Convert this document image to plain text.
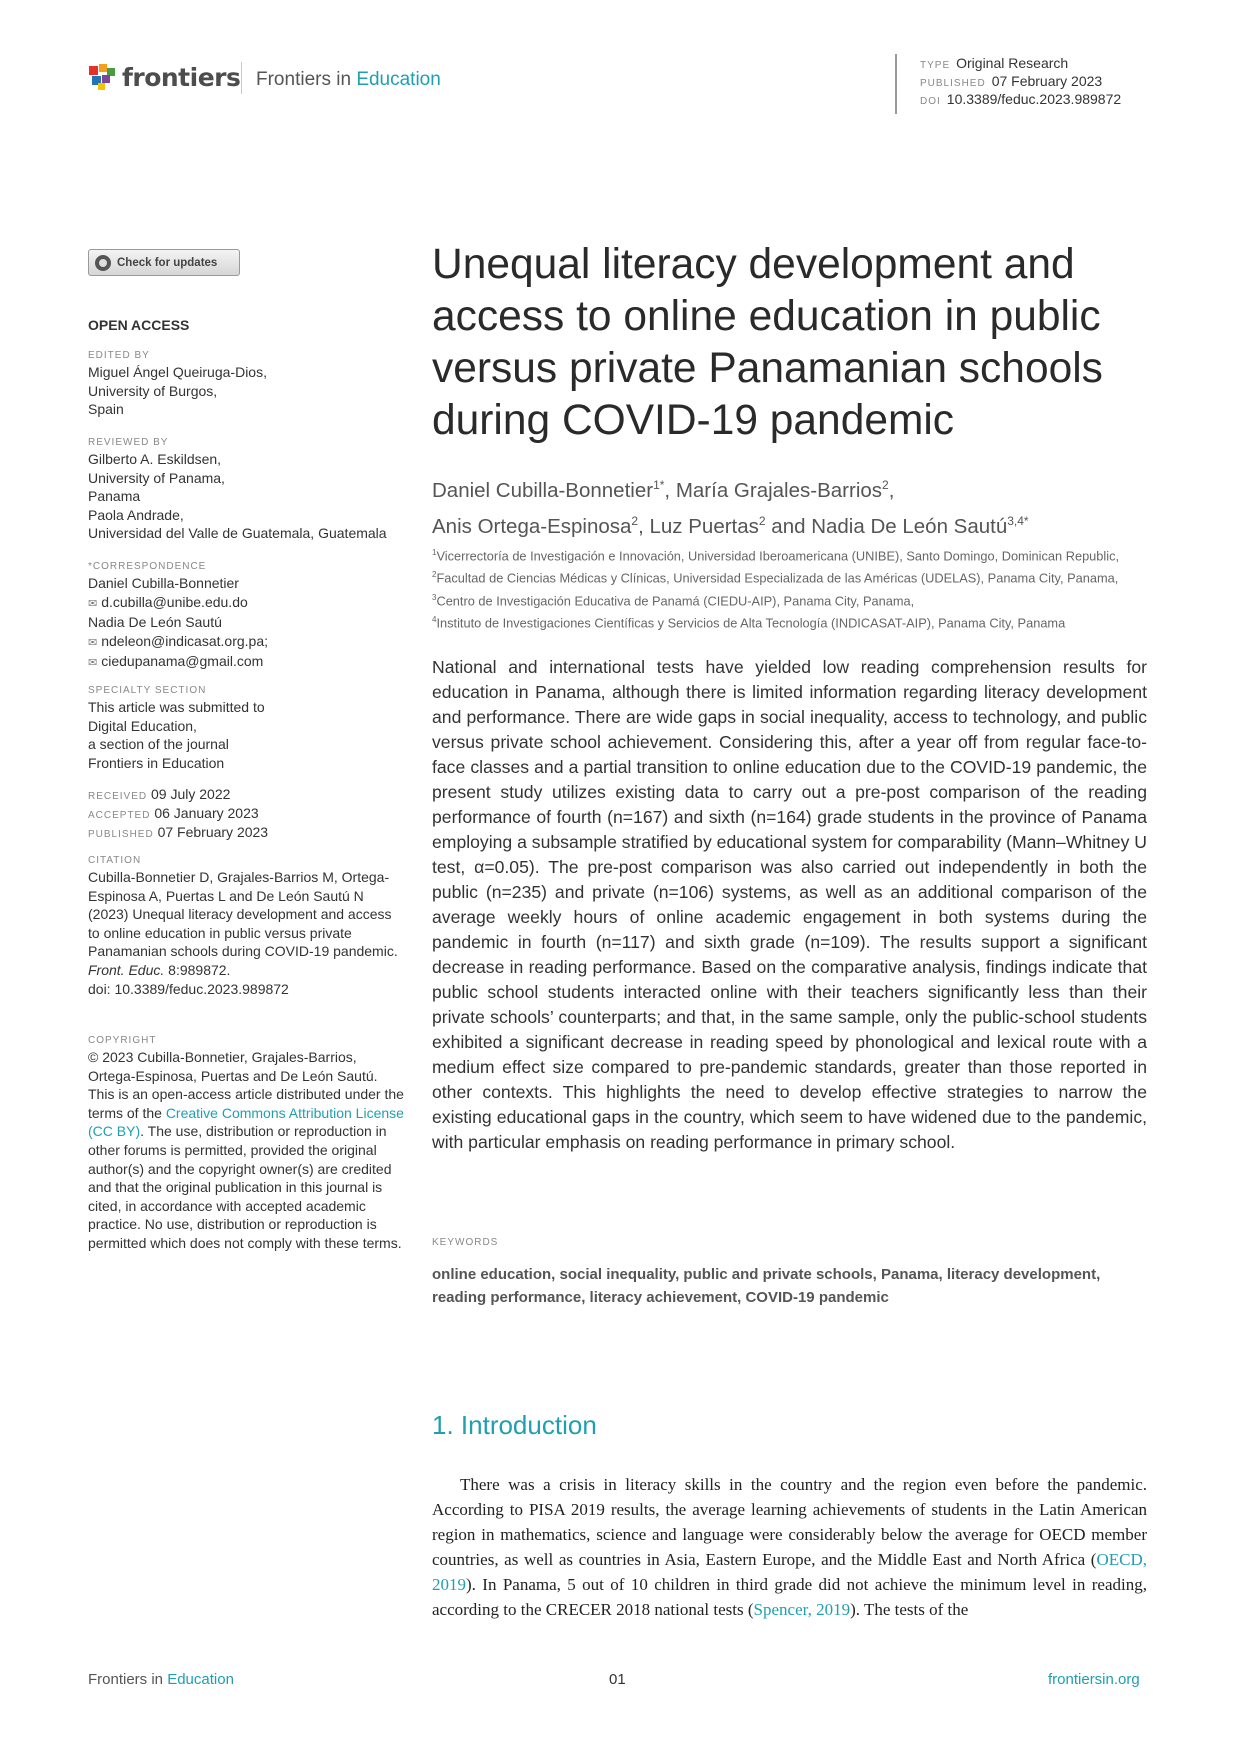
frontiers Frontiers in Education
TYPE Original Research
PUBLISHED 07 February 2023
DOI 10.3389/feduc.2023.989872
Check for updates
OPEN ACCESS
EDITED BY
Miguel Ángel Queiruga-Dios,
University of Burgos,
Spain
REVIEWED BY
Gilberto A. Eskildsen,
University of Panama,
Panama
Paola Andrade,
Universidad del Valle de Guatemala, Guatemala
*CORRESPONDENCE
Daniel Cubilla-Bonnetier
✉ d.cubilla@unibe.edu.do
Nadia De León Sautú
✉ ndeleon@indicasat.org.pa;
✉ ciedupanama@gmail.com
SPECIALTY SECTION
This article was submitted to
Digital Education,
a section of the journal
Frontiers in Education
RECEIVED 09 July 2022
ACCEPTED 06 January 2023
PUBLISHED 07 February 2023
CITATION
Cubilla-Bonnetier D, Grajales-Barrios M, Ortega-Espinosa A, Puertas L and De León Sautú N (2023) Unequal literacy development and access to online education in public versus private Panamanian schools during COVID-19 pandemic.
Front. Educ. 8:989872.
doi: 10.3389/feduc.2023.989872
COPYRIGHT
© 2023 Cubilla-Bonnetier, Grajales-Barrios, Ortega-Espinosa, Puertas and De León Sautú. This is an open-access article distributed under the terms of the Creative Commons Attribution License (CC BY). The use, distribution or reproduction in other forums is permitted, provided the original author(s) and the copyright owner(s) are credited and that the original publication in this journal is cited, in accordance with accepted academic practice. No use, distribution or reproduction is permitted which does not comply with these terms.
Unequal literacy development and access to online education in public versus private Panamanian schools during COVID-19 pandemic
Daniel Cubilla-Bonnetier$^{1*}$, María Grajales-Barrios$^2$,
Anis Ortega-Espinosa$^2$, Luz Puertas$^2$ and Nadia De León Sautú$^{3,4*}$
$^1$Vicerrectoría de Investigación e Innovación, Universidad Iberoamericana (UNIBE), Santo Domingo, Dominican Republic, $^2$Facultad de Ciencias Médicas y Clínicas, Universidad Especializada de las Américas (UDELAS), Panama City, Panama, $^3$Centro de Investigación Educativa de Panamá (CIEDU-AIP), Panama City, Panama,
$^4$Instituto de Investigaciones Científicas y Servicios de Alta Tecnología (INDICASAT-AIP), Panama City, Panama
National and international tests have yielded low reading comprehension results for education in Panama, although there is limited information regarding literacy development and performance. There are wide gaps in social inequality, access to technology, and public versus private school achievement. Considering this, after a year off from regular face-to-face classes and a partial transition to online education due to the COVID-19 pandemic, the present study utilizes existing data to carry out a pre-post comparison of the reading performance of fourth (n=167) and sixth (n=164) grade students in the province of Panama employing a subsample stratified by educational system for comparability (Mann–Whitney U test, α=0.05). The pre-post comparison was also carried out independently in both the public (n=235) and private (n=106) systems, as well as an additional comparison of the average weekly hours of online academic engagement in both systems during the pandemic in fourth (n=117) and sixth grade (n=109). The results support a significant decrease in reading performance. Based on the comparative analysis, findings indicate that public school students interacted online with their teachers significantly less than their private schools’ counterparts; and that, in the same sample, only the public-school students exhibited a significant decrease in reading speed by phonological and lexical route with a medium effect size compared to pre-pandemic standards, greater than those reported in other contexts. This highlights the need to develop effective strategies to narrow the existing educational gaps in the country, which seem to have widened due to the pandemic, with particular emphasis on reading performance in primary school.
KEYWORDS
online education, social inequality, public and private schools, Panama, literacy development, reading performance, literacy achievement, COVID-19 pandemic
1. Introduction
There was a crisis in literacy skills in the country and the region even before the pandemic. According to PISA 2019 results, the average learning achievements of students in the Latin American region in mathematics, science and language were considerably below the average for OECD member countries, as well as countries in Asia, Eastern Europe, and the Middle East and North Africa (OECD, 2019). In Panama, 5 out of 10 children in third grade did not achieve the minimum level in reading, according to the CRECER 2018 national tests (Spencer, 2019). The tests of the
Frontiers in Education	01	frontiersin.org
